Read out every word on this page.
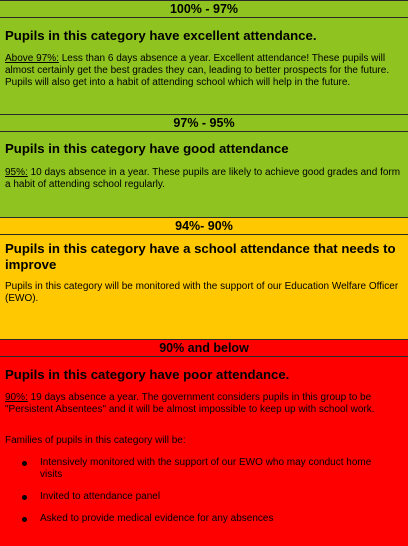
100% - 97%
Pupils in this category have excellent attendance.
Above 97%: Less than 6 days absence a year. Excellent attendance! These pupils will almost certainly get the best grades they can, leading to better prospects for the future. Pupils will also get into a habit of attending school which will help in the future.
97% - 95%
Pupils in this category have good attendance
95%: 10 days absence in a year. These pupils are likely to achieve good grades and form a habit of attending school regularly.
94%- 90%
Pupils in this category have a school attendance that needs to improve
Pupils in this category will be monitored with the support of our Education Welfare Officer (EWO).
90% and below
Pupils in this category have poor attendance.
90%: 19 days absence a year. The government considers pupils in this group to be "Persistent Absentees" and it will be almost impossible to keep up with school work.
Families of pupils in this category will be:
Intensively monitored with the support of our EWO who may conduct home visits
Invited to attendance panel
Asked to provide medical evidence for any absences
